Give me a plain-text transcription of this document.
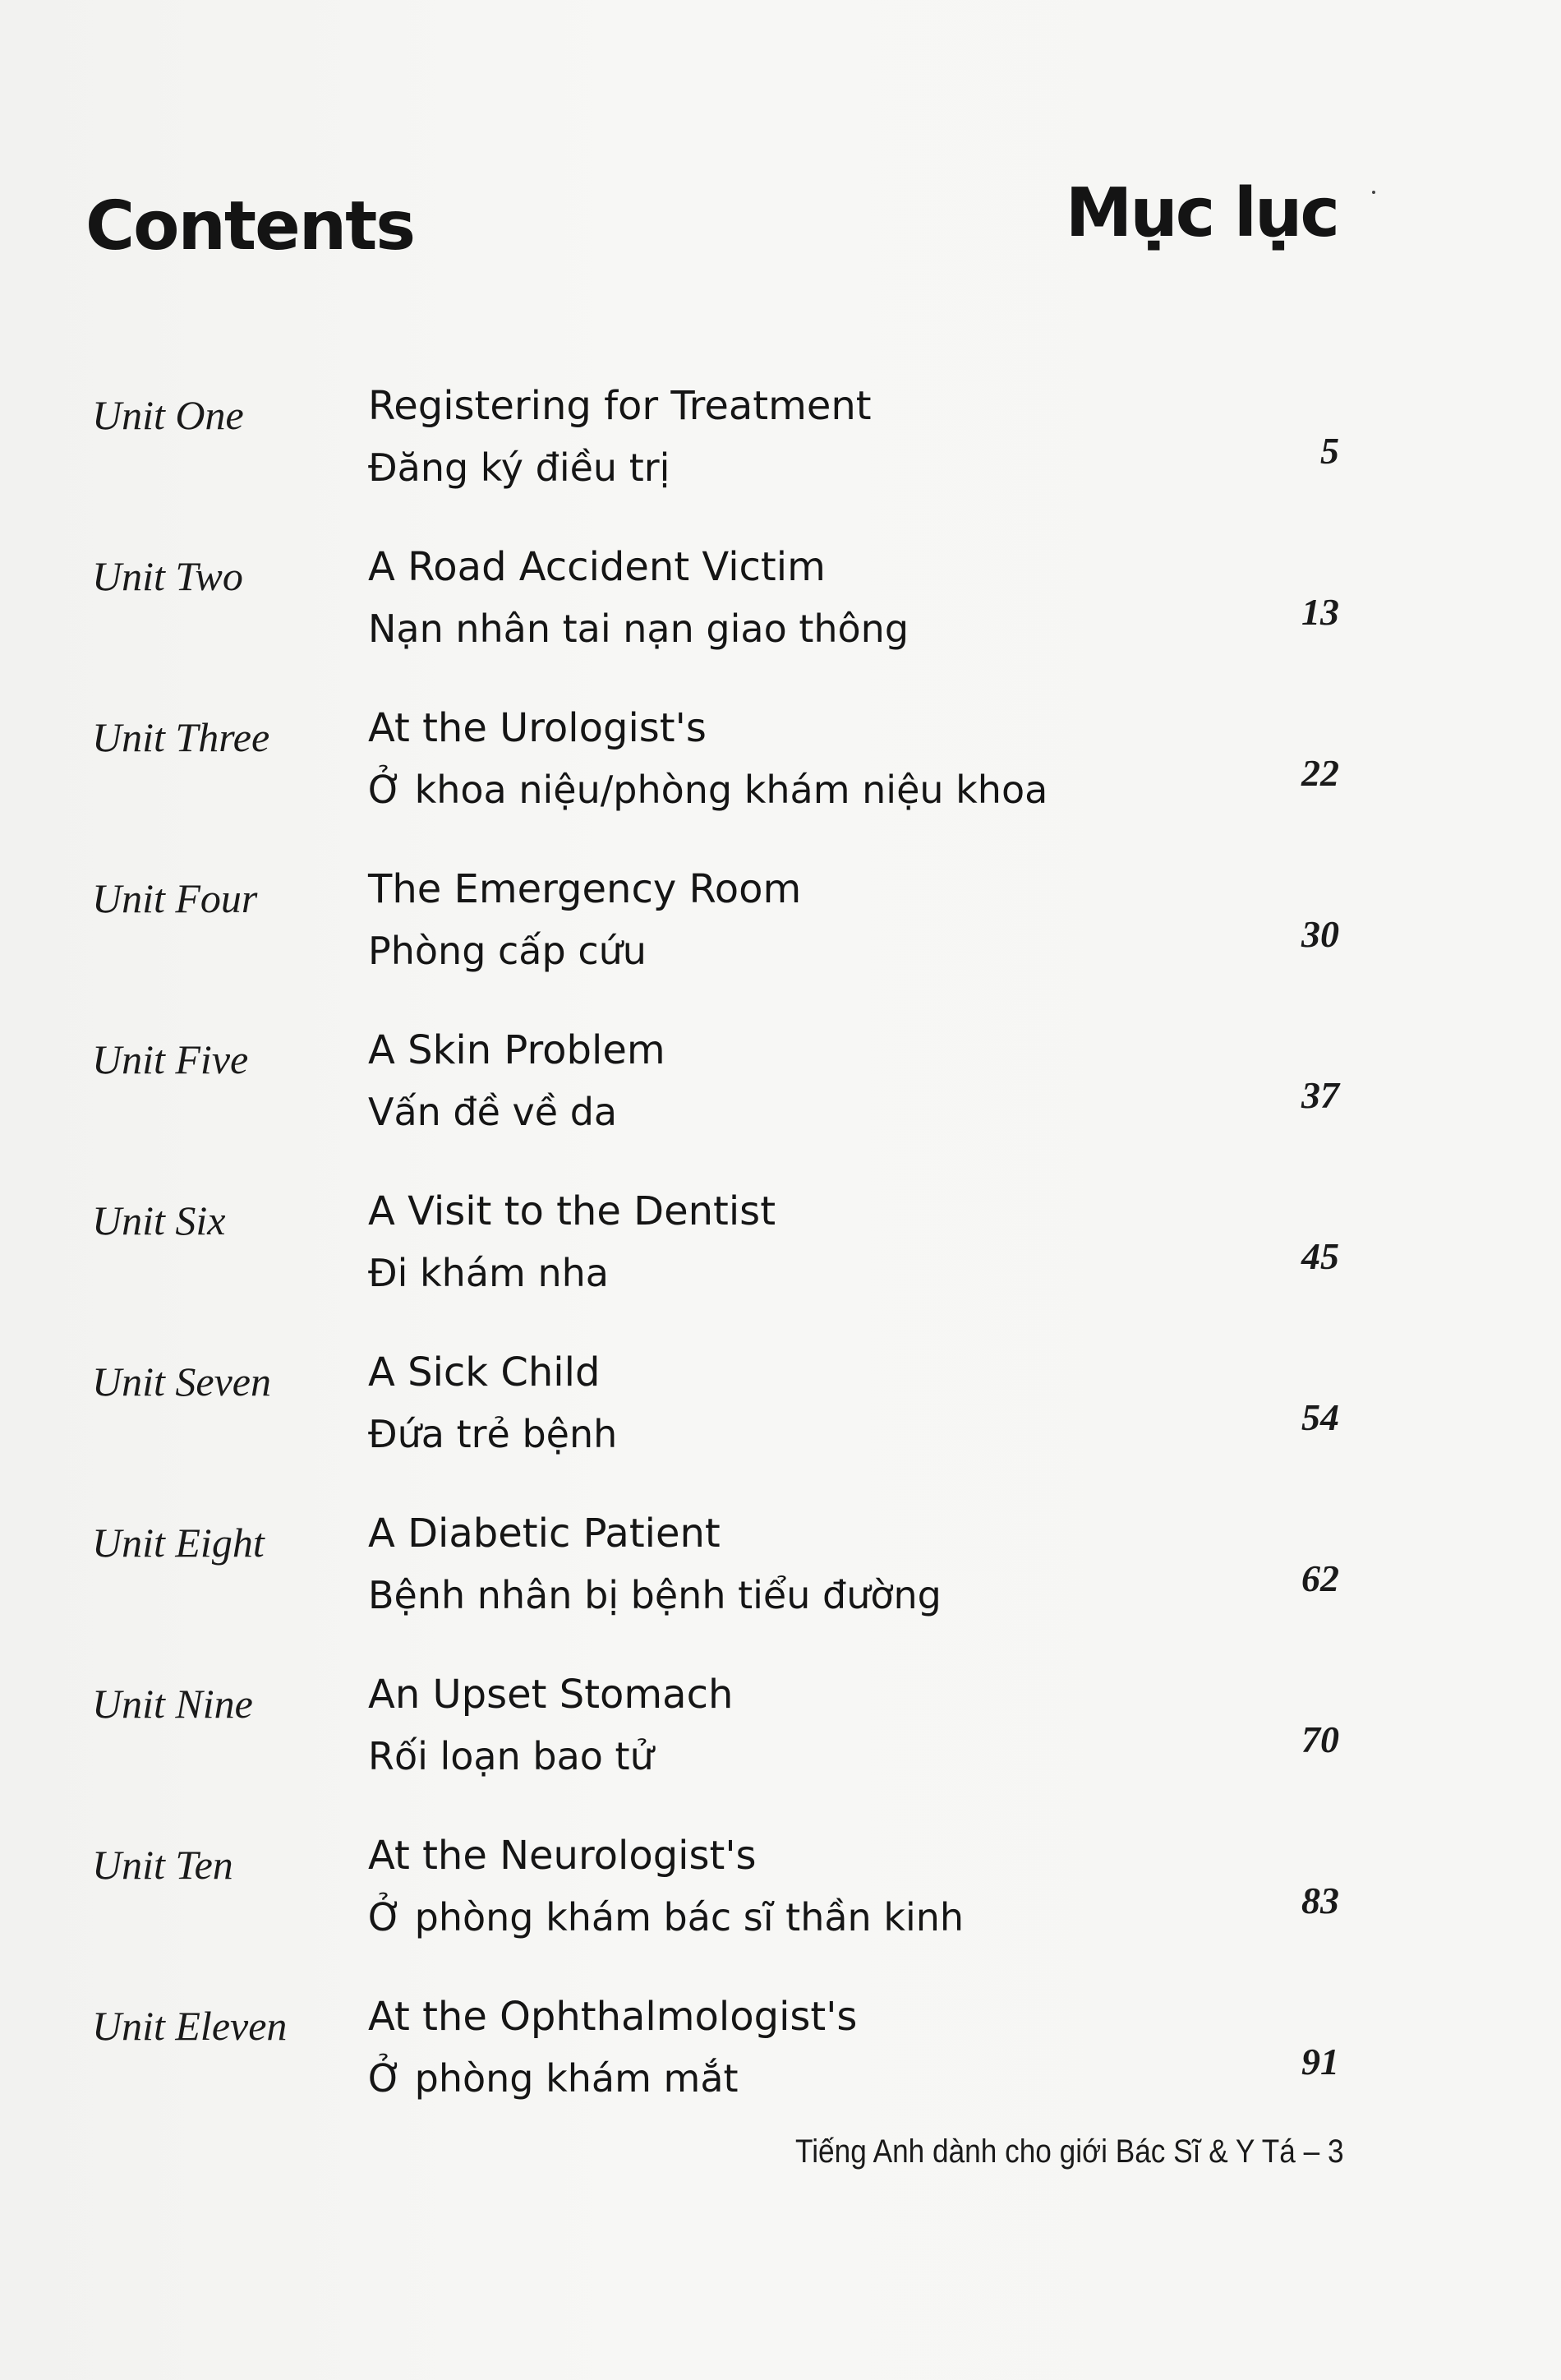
Contents	Mục lục
Unit One	Registering for Treatment
Đăng ký điều trị	5
Unit Two	A Road Accident Victim
Nạn nhân tai nạn giao thông	13
Unit Three At the Urologist's
Ở khoa niệu/phòng khám niệu khoa	22
Unit Four	The Emergency Room
Phòng cấp cứu	30
Unit Five	A Skin Problem
Vấn đề về da	37
Unit Six	A Visit to the Dentist
Đi khám nha	45
Unit Seven A Sick Child
Đứa trẻ bệnh	54
Unit Eight	A Diabetic Patient
Bệnh nhân bị bệnh tiểu đường	62
Unit Nine	An Upset Stomach
Rối loạn bao tử	70
Unit Ten	At the Neurologist's
Ở phòng khám bác sĩ thần kinh	83
Unit Eleven At the Ophthalmologist's
Ở phòng khám mắt	91
Tiếng Anh dành cho giới Bác Sĩ & Y Tá – 3
